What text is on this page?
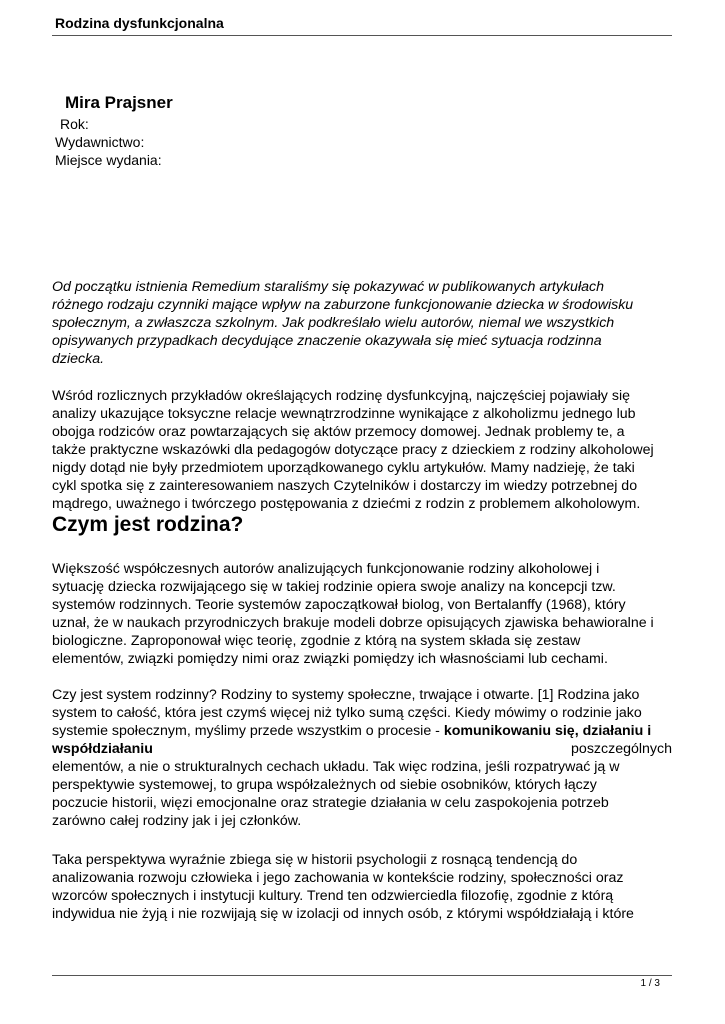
Rodzina dysfunkcjonalna
Mira Prajsner
Rok:
Wydawnictwo:
Miejsce wydania:
Od początku istnienia Remedium staraliśmy się pokazywać w publikowanych artykułach
różnego rodzaju czynniki mające wpływ na zaburzone funkcjonowanie dziecka w środowisku
społecznym, a zwłaszcza szkolnym. Jak podkreślało wielu autorów, niemal we wszystkich
opisywanych przypadkach decydujące znaczenie okazywała się mieć sytuacja rodzinna
dziecka.
Wśród rozlicznych przykładów określających rodzinę dysfunkcyjną, najczęściej pojawiały się
analizy ukazujące toksyczne relacje wewnątrzrodzinne wynikające z alkoholizmu jednego lub
obojga rodziców oraz powtarzających się aktów przemocy domowej. Jednak problemy te, a
także praktyczne wskazówki dla pedagogów dotyczące pracy z dzieckiem z rodziny alkoholowej
nigdy dotąd nie były przedmiotem uporządkowanego cyklu artykułów. Mamy nadzieję, że taki
cykl spotka się z zainteresowaniem naszych Czytelników i dostarczy im wiedzy potrzebnej do
mądrego, uważnego i twórczego postępowania z dziećmi z rodzin z problemem alkoholowym.
Czym jest rodzina?
Większość współczesnych autorów analizujących funkcjonowanie rodziny alkoholowej i
sytuację dziecka rozwijającego się w takiej rodzinie opiera swoje analizy na koncepcji tzw.
systemów rodzinnych. Teorie systemów zapoczątkował biolog, von Bertalanffy (1968), który
uznał, że w naukach przyrodniczych brakuje modeli dobrze opisujących zjawiska behawioralne i
biologiczne. Zaproponował więc teorię, zgodnie z którą na system składa się zestaw
elementów, związki pomiędzy nimi oraz związki pomiędzy ich własnościami lub cechami.
Czy jest system rodzinny? Rodziny to systemy społeczne, trwające i otwarte. [1] Rodzina jako
system to całość, która jest czymś więcej niż tylko sumą części. Kiedy mówimy o rodzinie jako
systemie społecznym, myślimy przede wszystkim o procesie - komunikowaniu się, działaniu i
współdziałaniu	poszczególnych
elementów, a nie o strukturalnych cechach układu. Tak więc rodzina, jeśli rozpatrywać ją w
perspektywie systemowej, to grupa współzależnych od siebie osobników, których łączy
poczucie historii, więzi emocjonalne oraz strategie działania w celu zaspokojenia potrzeb
zarówno całej rodziny jak i jej członków.
Taka perspektywa wyraźnie zbiega się w historii psychologii z rosnącą tendencją do
analizowania rozwoju człowieka i jego zachowania w kontekście rodziny, społeczności oraz
wzorców społecznych i instytucji kultury. Trend ten odzwierciedla filozofię, zgodnie z którą
indywidua nie żyją i nie rozwijają się w izolacji od innych osób, z którymi współdziałają i które
1 / 3
